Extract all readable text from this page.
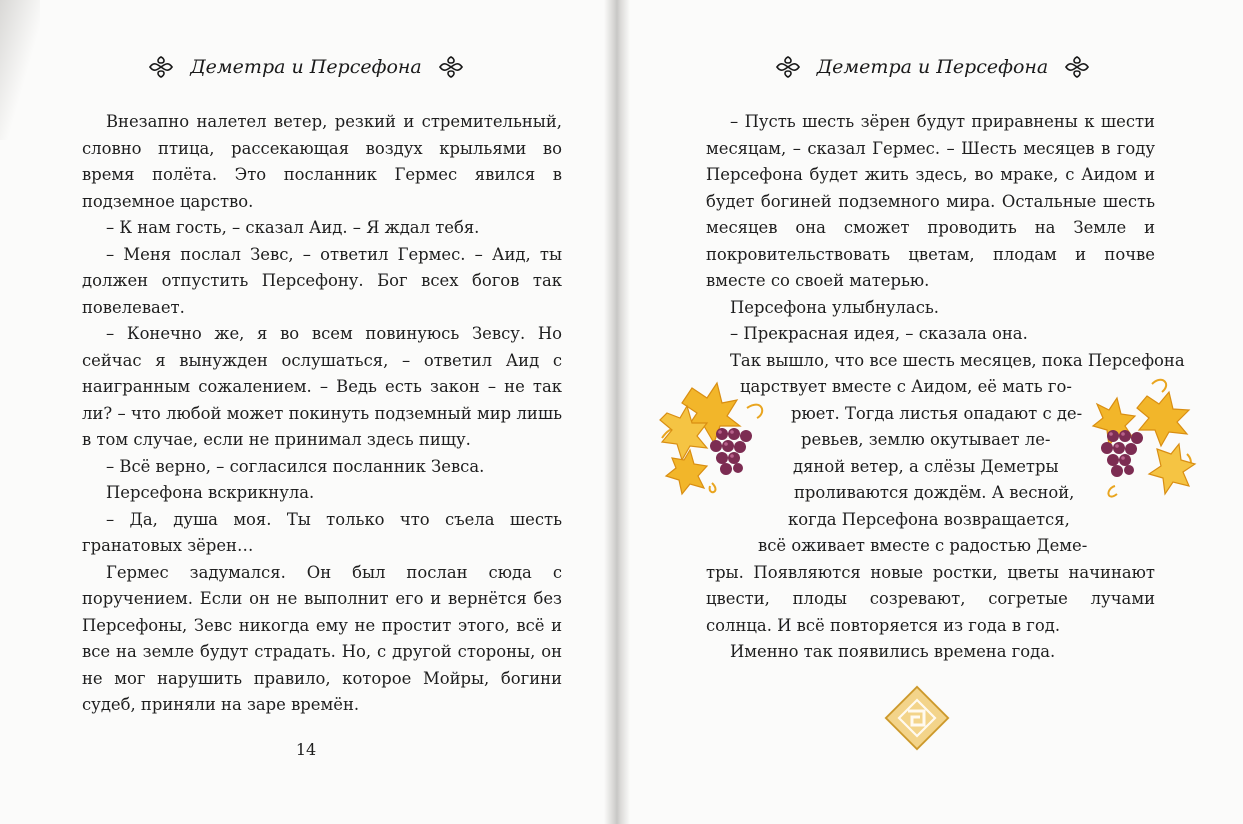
Деметра и Персефона

Внезапно налетел ветер, резкий и стремительный, словно птица, рассекающая воздух крыльями во время полёта. Это посланник Гермес явился в подземное царство.

– К нам гость, – сказал Аид. – Я ждал тебя.

– Меня послал Зевс, – ответил Гермес. – Аид, ты должен отпустить Персефону. Бог всех богов так повелевает.

– Конечно же, я во всем повинуюсь Зевсу. Но сейчас я вынужден ослушаться, – ответил Аид с наигранным сожалением. – Ведь есть закон – не так ли? – что любой может покинуть подземный мир лишь в том случае, если не принимал здесь пищу.

– Всё верно, – согласился посланник Зевса.

Персефона вскрикнула.

– Да, душа моя. Ты только что съела шесть гранатовых зёрен…

Гермес задумался. Он был послан сюда с поручением. Если он не выполнит его и вернётся без Персефоны, Зевс никогда ему не простит этого, всё и все на земле будут страдать. Но, с другой стороны, он не мог нарушить правило, которое Мойры, богини судеб, приняли на заре времён.

14
Деметра и Персефона

– Пусть шесть зёрен будут приравнены к шести месяцам, – сказал Гермес. – Шесть месяцев в году Персефона будет жить здесь, во мраке, с Аидом и будет богиней подземного мира. Остальные шесть месяцев она сможет проводить на Земле и покровительствовать цветам, плодам и почве вместе со своей матерью.

Персефона улыбнулась.

– Прекрасная идея, – сказала она.

Так вышло, что все шесть месяцев, пока Персефона
царствует вместе с Аидом, её мать го-
рюет. Тогда листья опадают с де-
ревьев, землю окутывает ле-
дяной ветер, а слёзы Деметры
проливаются дождём. А весной,
когда Персефона возвращается,
всё оживает вместе с радостью Деме-

тры. Появляются новые ростки, цветы начинают цвести, плоды созревают, согретые лучами солнца. И всё повторяется из года в год.

Именно так появились времена года.
